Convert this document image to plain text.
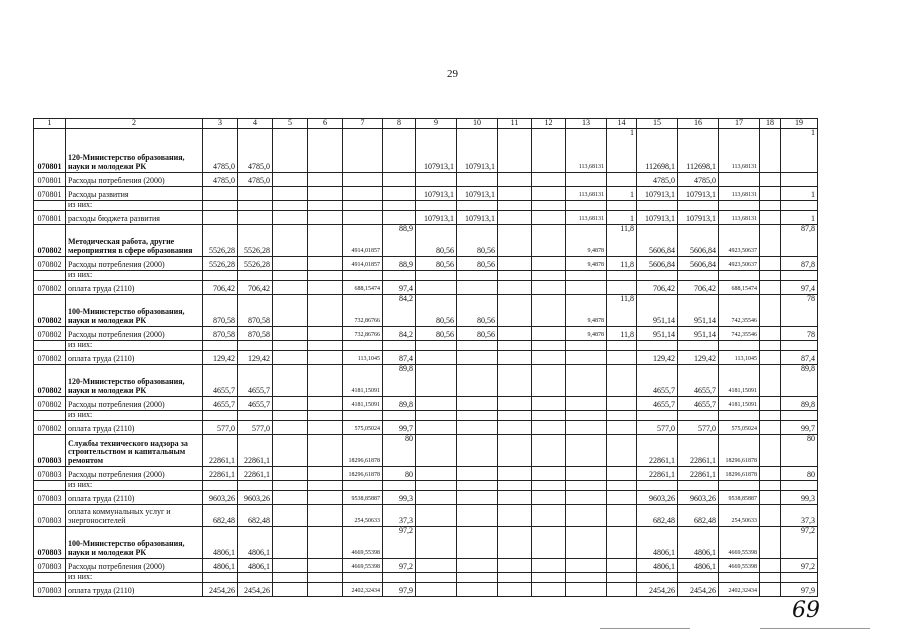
29
1	2	3	4	5	6	7	8	9	10	11	12	13	14	15	16	17	18	19
070801	120-Министерство образования, науки и молодежи РК	4785,0	4785,0					107913,1	107913,1			113,68131	1	112698,1	112698,1	113,68131		1
070801	Расходы потребления (2000)	4785,0	4785,0											4785,0	4785,0			
070801	Расходы развития							107913,1	107913,1			113,68131	1	107913,1	107913,1	113,68131		1
	из них:																	
070801	расходы бюджета развития							107913,1	107913,1			113,68131	1	107913,1	107913,1	113,68131		1
070802	Методическая работа, другие мероприятия в сфере образования	5526,28	5526,28			4914,01857	88,9	80,56	80,56			9,4878	11,8	5606,84	5606,84	4923,50637		87,8
070802	Расходы потребления (2000)	5526,28	5526,28			4914,01857	88,9	80,56	80,56			9,4878	11,8	5606,84	5606,84	4923,50637		87,8
	из них:																	
070802	оплата труда (2110)	706,42	706,42			688,15474	97,4							706,42	706,42	688,15474		97,4
070802	100-Министерство образования, науки и молодежи РК	870,58	870,58			732,86766	84,2	80,56	80,56			9,4878	11,8	951,14	951,14	742,35546		78
070802	Расходы потребления (2000)	870,58	870,58			732,86766	84,2	80,56	80,56			9,4878	11,8	951,14	951,14	742,35546		78
	из них:																	
070802	оплата труда (2110)	129,42	129,42			113,1045	87,4							129,42	129,42	113,1045		87,4
070802	120-Министерство образования, науки и молодежи РК	4655,7	4655,7			4181,15091	89,8							4655,7	4655,7	4181,15091		89,8
070802	Расходы потребления (2000)	4655,7	4655,7			4181,15091	89,8							4655,7	4655,7	4181,15091		89,8
	из них:																	
070802	оплата труда (2110)	577,0	577,0			575,05024	99,7							577,0	577,0	575,05024		99,7
070803	Службы технического надзора за строительством и капитальным ремонтом	22861,1	22861,1			18296,61878	80							22861,1	22861,1	18296,61878		80
070803	Расходы потребления (2000)	22861,1	22861,1			18296,61878	80							22861,1	22861,1	18296,61878		80
	из них:																	
070803	оплата труда (2110)	9603,26	9603,26			9538,85887	99,3							9603,26	9603,26	9538,85887		99,3
070803	оплата коммунальных услуг и энергоносителей	682,48	682,48			254,50633	37,3							682,48	682,48	254,50633		37,3
070803	100-Министерство образования, науки и молодежи РК	4806,1	4806,1			4669,55398	97,2							4806,1	4806,1	4669,55398		97,2
070803	Расходы потребления (2000)	4806,1	4806,1			4669,55398	97,2							4806,1	4806,1	4669,55398		97,2
	из них:																	
070803	оплата труда (2110)	2454,26	2454,26			2402,32434	97,9							2454,26	2454,26	2402,32434		97,9
69
